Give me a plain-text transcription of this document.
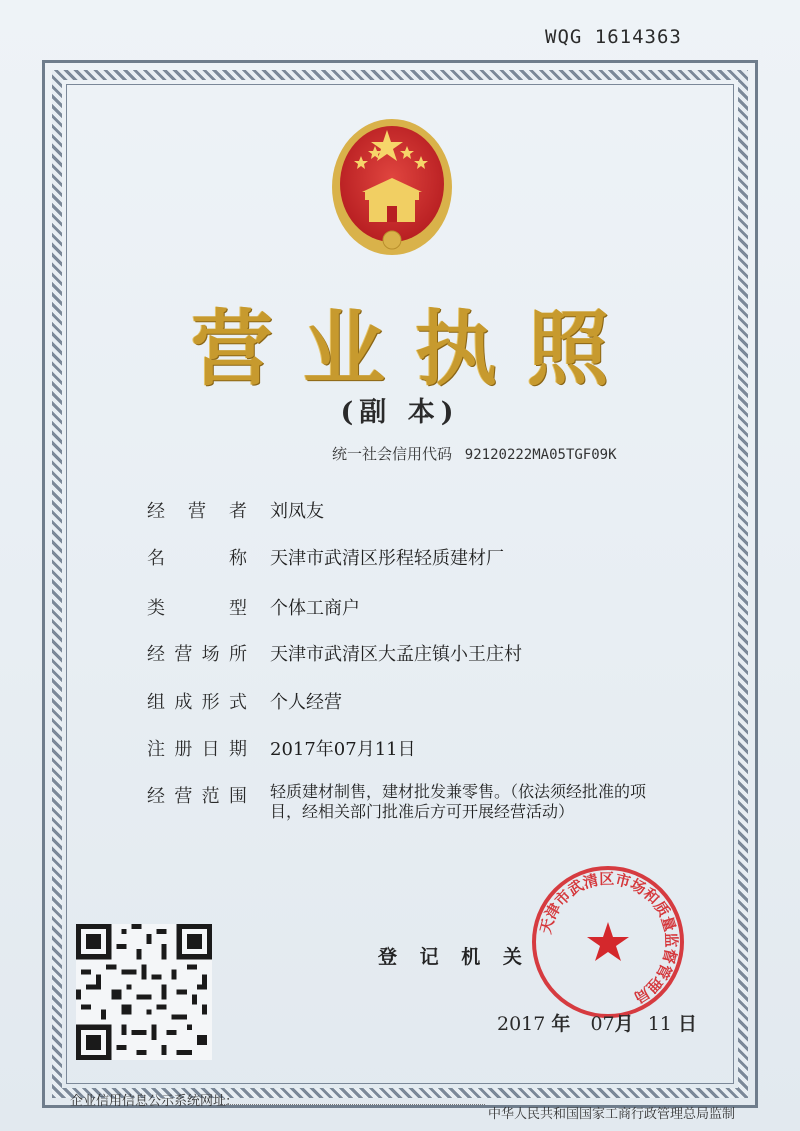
WQG 1614363
营业执照
(副 本)
统一社会信用代码 92120222MA05TGF09K
经营者 刘凤友
名称 天津市武清区彤程轻质建材厂
类型 个体工商户
经营场所 天津市武清区大孟庄镇小王庄村
组成形式 个人经营
注册日期 2017年07月11日
经营范围 轻质建材制售，建材批发兼零售。（依法须经批准的项目，经相关部门批准后方可开展经营活动）
登 记 机 关
天津市武清区市场和质量监督管理局
2017 年 07月 11 日
企业信用信息公示系统网址:
中华人民共和国国家工商行政管理总局监制
